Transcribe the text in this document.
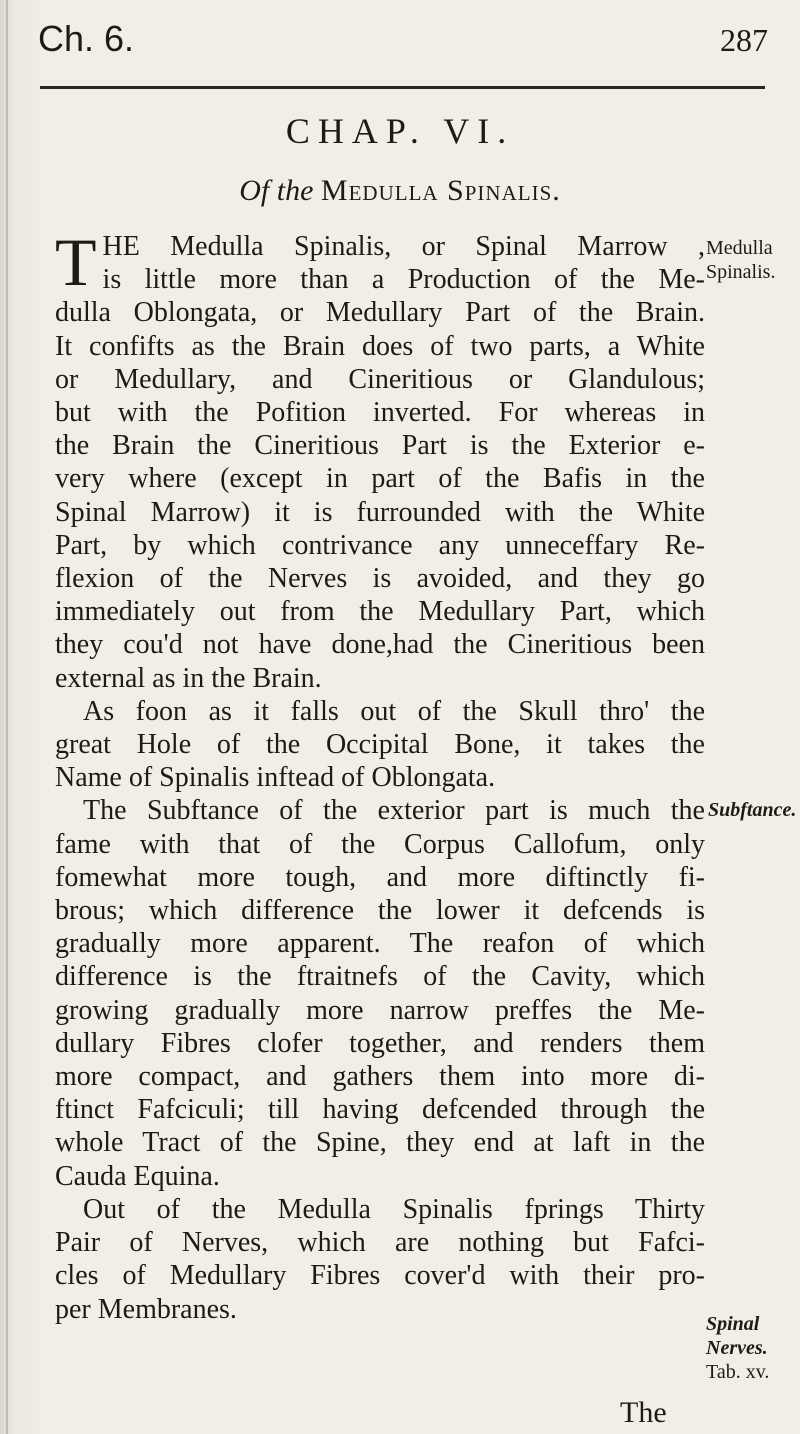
Ch. 6.	287
CHAP. VI.
Of the Medulla Spinalis.

T HE Medulla Spinalis, or Spinal Marrow ,
is little more than a Production of the Me-
dulla Oblongata, or Medullary Part of the Brain.
It confifts as the Brain does of two parts, a White
or Medullary, and Cineritious or Glandulous;
but with the Pofition inverted. For whereas in
the Brain the Cineritious Part is the Exterior e-
very where (except in part of the Bafis in the
Spinal Marrow) it is furrounded with the White
Part, by which contrivance any unneceffary Re-
flexion of the Nerves is avoided, and they go
immediately out from the Medullary Part, which
they cou'd not have done,had the Cineritious been
external as in the Brain.

As foon as it falls out of the Skull thro' the
great Hole of the Occipital Bone, it takes the
Name of Spinalis inftead of Oblongata.

The Subftance of the exterior part is much the
fame with that of the Corpus Callofum, only
fomewhat more tough, and more diftinctly fi-
brous; which difference the lower it defcends is
gradually more apparent. The reafon of which
difference is the ftraitnefs of the Cavity, which
growing gradually more narrow preffes the Me-
dullary Fibres clofer together, and renders them
more compact, and gathers them into more di-
ftinct Fafciculi; till having defcended through the
whole Tract of the Spine, they end at laft in the
Cauda Equina.

Out of the Medulla Spinalis fprings Thirty
Pair of Nerves, which are nothing but Fafci-
cles of Medullary Fibres cover'd with their pro-
per Membranes.

Medulla
Spinalis.
Subftance.
Spinal
Nerves.
Tab. xv.
The
